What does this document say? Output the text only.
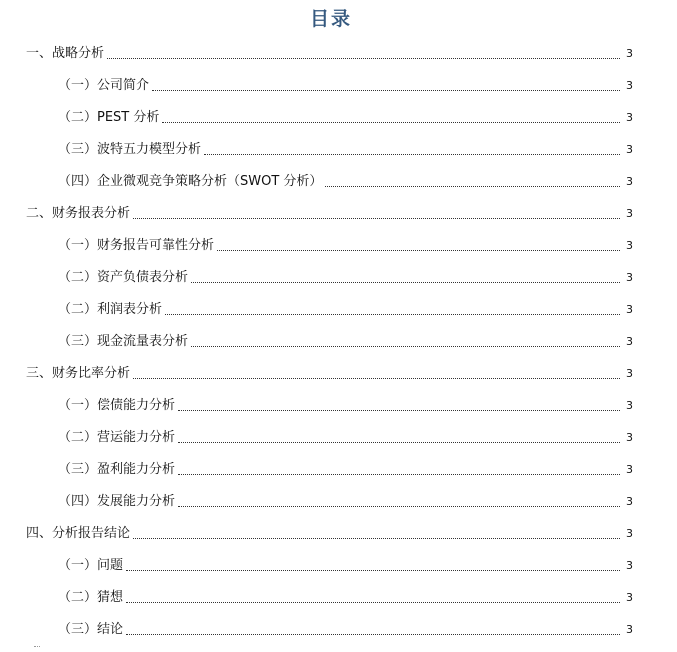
目录
一、战略分析	3
（一）公司简介	3
（二）PEST 分析	3
（三）波特五力模型分析	3
（四）企业微观竞争策略分析（SWOT 分析）	3
二、财务报表分析	3
（一）财务报告可靠性分析	3
（二）资产负债表分析	3
（二）利润表分析	3
（三）现金流量表分析	3
三、财务比率分析	3
（一）偿债能力分析	3
（二）营运能力分析	3
（三）盈利能力分析	3
（四）发展能力分析	3
四、分析报告结论	3
（一）问题	3
（二）猜想	3
（三）结论	3
